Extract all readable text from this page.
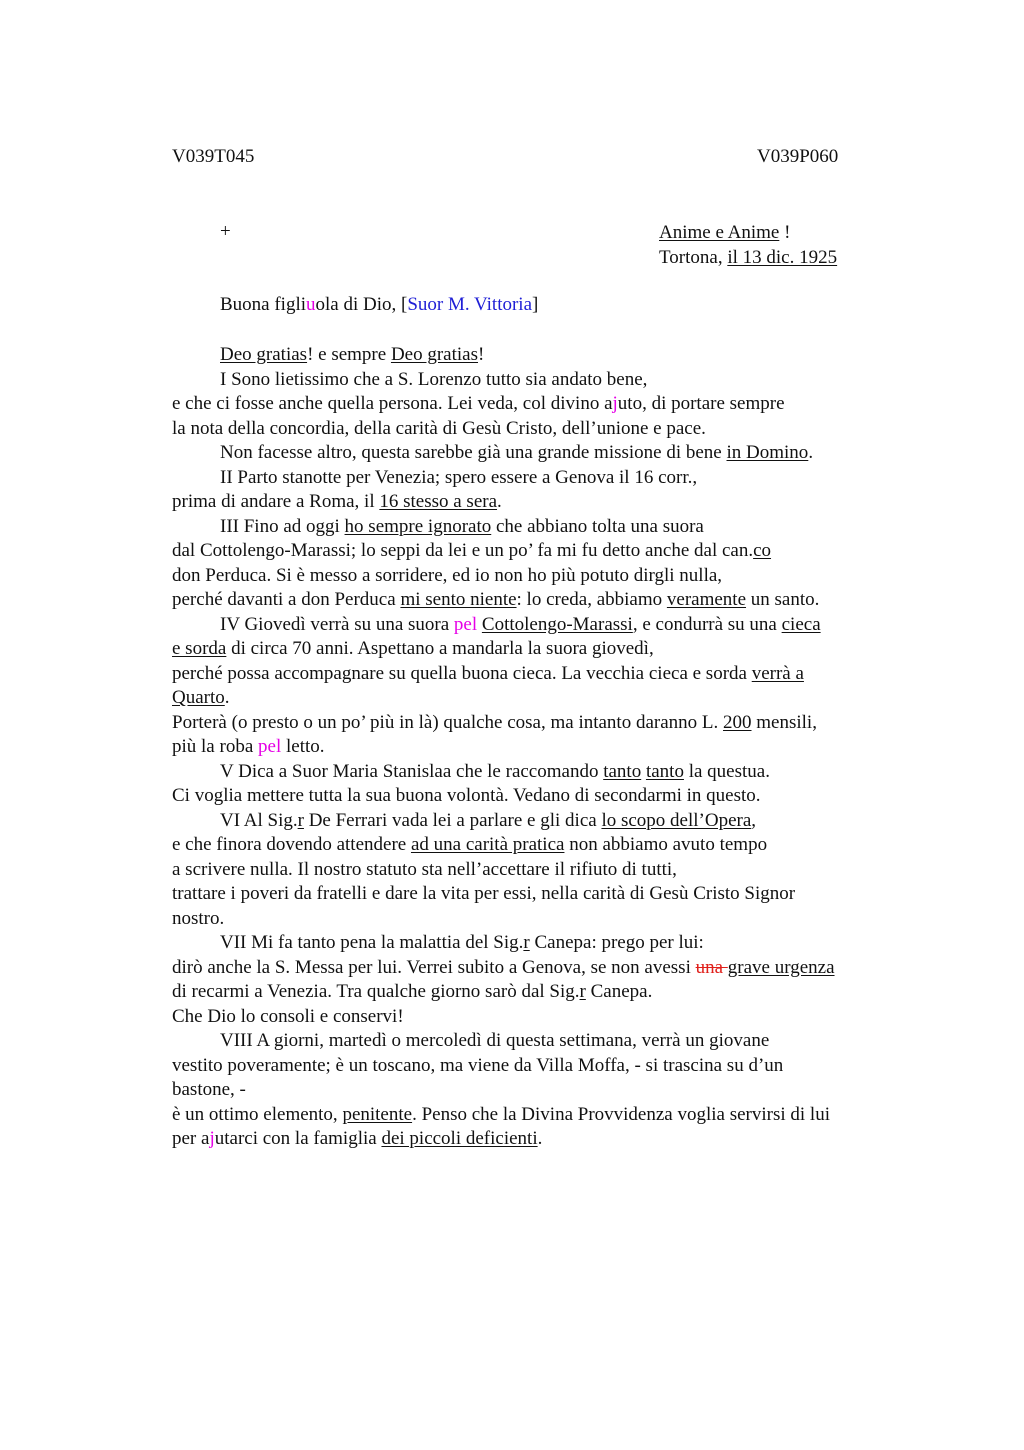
V039T045	V039P060
+	Anime e Anime !
Tortona, il 13 dic. 1925
Buona figliuola di Dio, [Suor M. Vittoria]
Deo gratias! e sempre Deo gratias!
I Sono lietissimo che a S. Lorenzo tutto sia andato bene,
e che ci fosse anche quella persona. Lei veda, col divino ajuto, di portare sempre
la nota della concordia, della carità di Gesù Cristo, dell’unione e pace.
Non facesse altro, questa sarebbe già una grande missione di bene in Domino.
II Parto stanotte per Venezia; spero essere a Genova il 16 corr.,
prima di andare a Roma, il 16 stesso a sera.
III Fino ad oggi ho sempre ignorato che abbiano tolta una suora
dal Cottolengo-Marassi; lo seppi da lei e un po’ fa mi fu detto anche dal can.co
don Perduca. Si è messo a sorridere, ed io non ho più potuto dirgli nulla,
perché davanti a don Perduca mi sento niente: lo creda, abbiamo veramente un santo.
IV Giovedì verrà su una suora pel Cottolengo-Marassi, e condurrà su una cieca
e sorda di circa 70 anni. Aspettano a mandarla la suora giovedì,
perché possa accompagnare su quella buona cieca. La vecchia cieca e sorda verrà a
Quarto.
Porterà (o presto o un po’ più in là) qualche cosa, ma intanto daranno L. 200 mensili,
più la roba pel letto.
V Dica a Suor Maria Stanislaa che le raccomando tanto tanto la questua.
Ci voglia mettere tutta la sua buona volontà. Vedano di secondarmi in questo.
VI Al Sig.r De Ferrari vada lei a parlare e gli dica lo scopo dell’Opera,
e che finora dovendo attendere ad una carità pratica non abbiamo avuto tempo
a scrivere nulla. Il nostro statuto sta nell’accettare il rifiuto di tutti,
trattare i poveri da fratelli e dare la vita per essi, nella carità di Gesù Cristo Signor
nostro.
VII Mi fa tanto pena la malattia del Sig.r Canepa: prego per lui:
dirò anche la S. Messa per lui. Verrei subito a Genova, se non avessi una grave urgenza
di recarmi a Venezia. Tra qualche giorno sarò dal Sig.r Canepa.
Che Dio lo consoli e conservi!
VIII A giorni, martedì o mercoledì di questa settimana, verrà un giovane
vestito poveramente; è un toscano, ma viene da Villa Moffa, - si trascina su d’un
bastone, -
è un ottimo elemento, penitente. Penso che la Divina Provvidenza voglia servirsi di lui
per ajutarci con la famiglia dei piccoli deficienti.
